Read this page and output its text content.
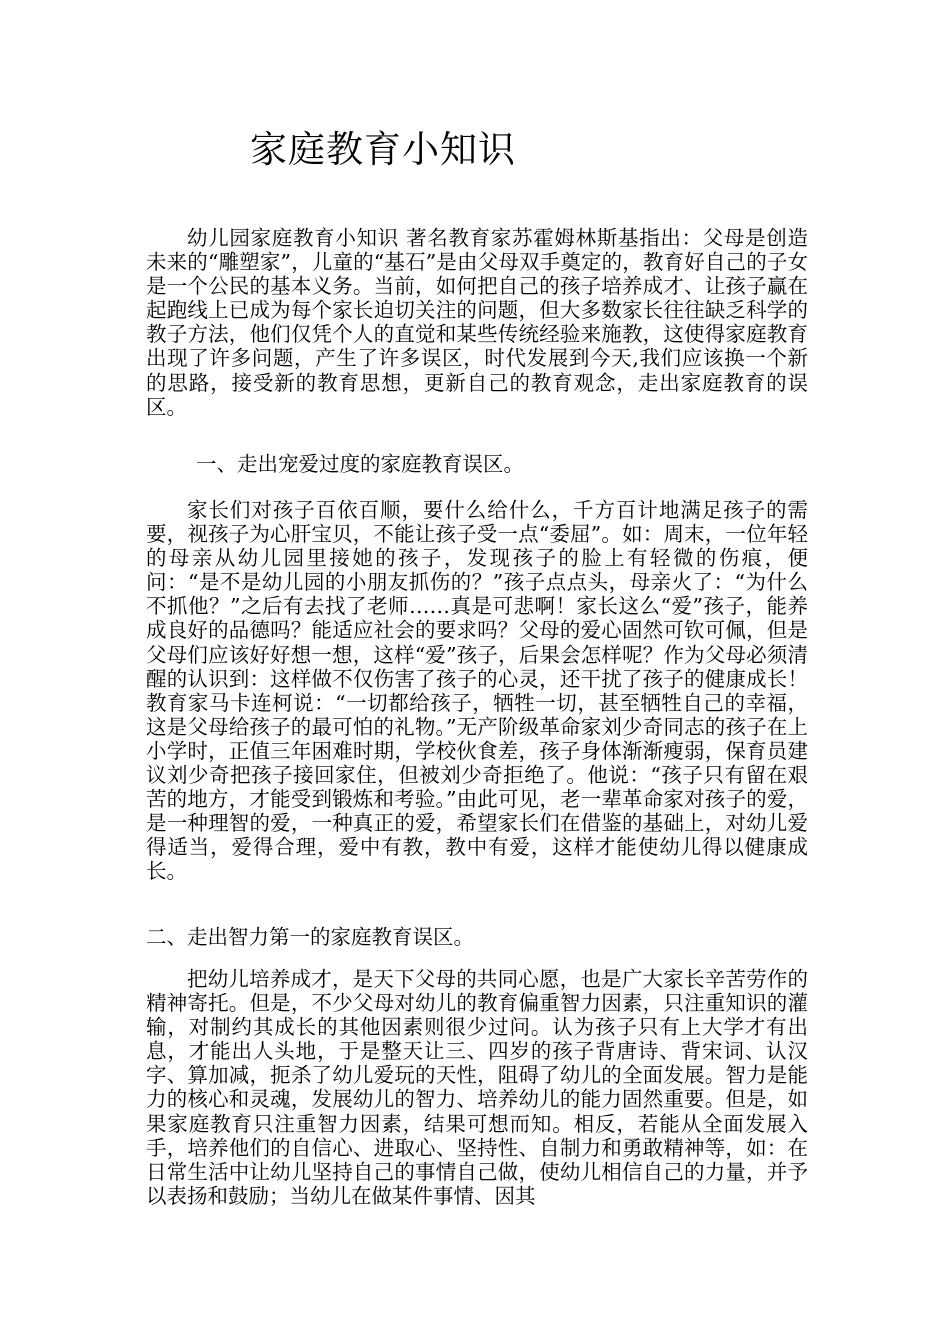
家庭教育小知识

幼儿园家庭教育小知识 著名教育家苏霍姆林斯基指出：父母是创造未来的“雕塑家”，儿童的“基石”是由父母双手奠定的，教育好自己的子女是一个公民的基本义务。当前，如何把自己的孩子培养成才、让孩子赢在起跑线上已成为每个家长迫切关注的问题，但大多数家长往往缺乏科学的教子方法，他们仅凭个人的直觉和某些传统经验来施教，这使得家庭教育出现了许多问题，产生了许多误区，时代发展到今天,我们应该换一个新的思路，接受新的教育思想，更新自己的教育观念，走出家庭教育的误区。

一、走出宠爱过度的家庭教育误区。

家长们对孩子百依百顺，要什么给什么，千方百计地满足孩子的需要，视孩子为心肝宝贝，不能让孩子受一点“委屈”。如：周末，一位年轻的母亲从幼儿园里接她的孩子，发现孩子的脸上有轻微的伤痕，便问：“是不是幼儿园的小朋友抓伤的？”孩子点点头，母亲火了：“为什么不抓他？”之后有去找了老师……真是可悲啊！家长这么“爱”孩子，能养成良好的品德吗？能适应社会的要求吗？父母的爱心固然可钦可佩，但是父母们应该好好想一想，这样“爱”孩子，后果会怎样呢？作为父母必须清醒的认识到：这样做不仅伤害了孩子的心灵，还干扰了孩子的健康成长！教育家马卡连柯说：“一切都给孩子，牺牲一切，甚至牺牲自己的幸福，这是父母给孩子的最可怕的礼物。”无产阶级革命家刘少奇同志的孩子在上小学时，正值三年困难时期，学校伙食差，孩子身体渐渐瘦弱，保育员建议刘少奇把孩子接回家住，但被刘少奇拒绝了。他说：“孩子只有留在艰苦的地方，才能受到锻炼和考验。”由此可见，老一辈革命家对孩子的爱，是一种理智的爱，一种真正的爱，希望家长们在借鉴的基础上，对幼儿爱得适当，爱得合理，爱中有教，教中有爱，这样才能使幼儿得以健康成长。

二、走出智力第一的家庭教育误区。

把幼儿培养成才，是天下父母的共同心愿，也是广大家长辛苦劳作的精神寄托。但是，不少父母对幼儿的教育偏重智力因素，只注重知识的灌输，对制约其成长的其他因素则很少过问。认为孩子只有上大学才有出息，才能出人头地，于是整天让三、四岁的孩子背唐诗、背宋词、认汉字、算加减，扼杀了幼儿爱玩的天性，阻碍了幼儿的全面发展。智力是能力的核心和灵魂，发展幼儿的智力、培养幼儿的能力固然重要。但是，如果家庭教育只注重智力因素，结果可想而知。相反，若能从全面发展入手，培养他们的自信心、进取心、坚持性、自制力和勇敢精神等，如：在日常生活中让幼儿坚持自己的事情自己做，使幼儿相信自己的力量，并予以表扬和鼓励；当幼儿在做某件事情、因其
